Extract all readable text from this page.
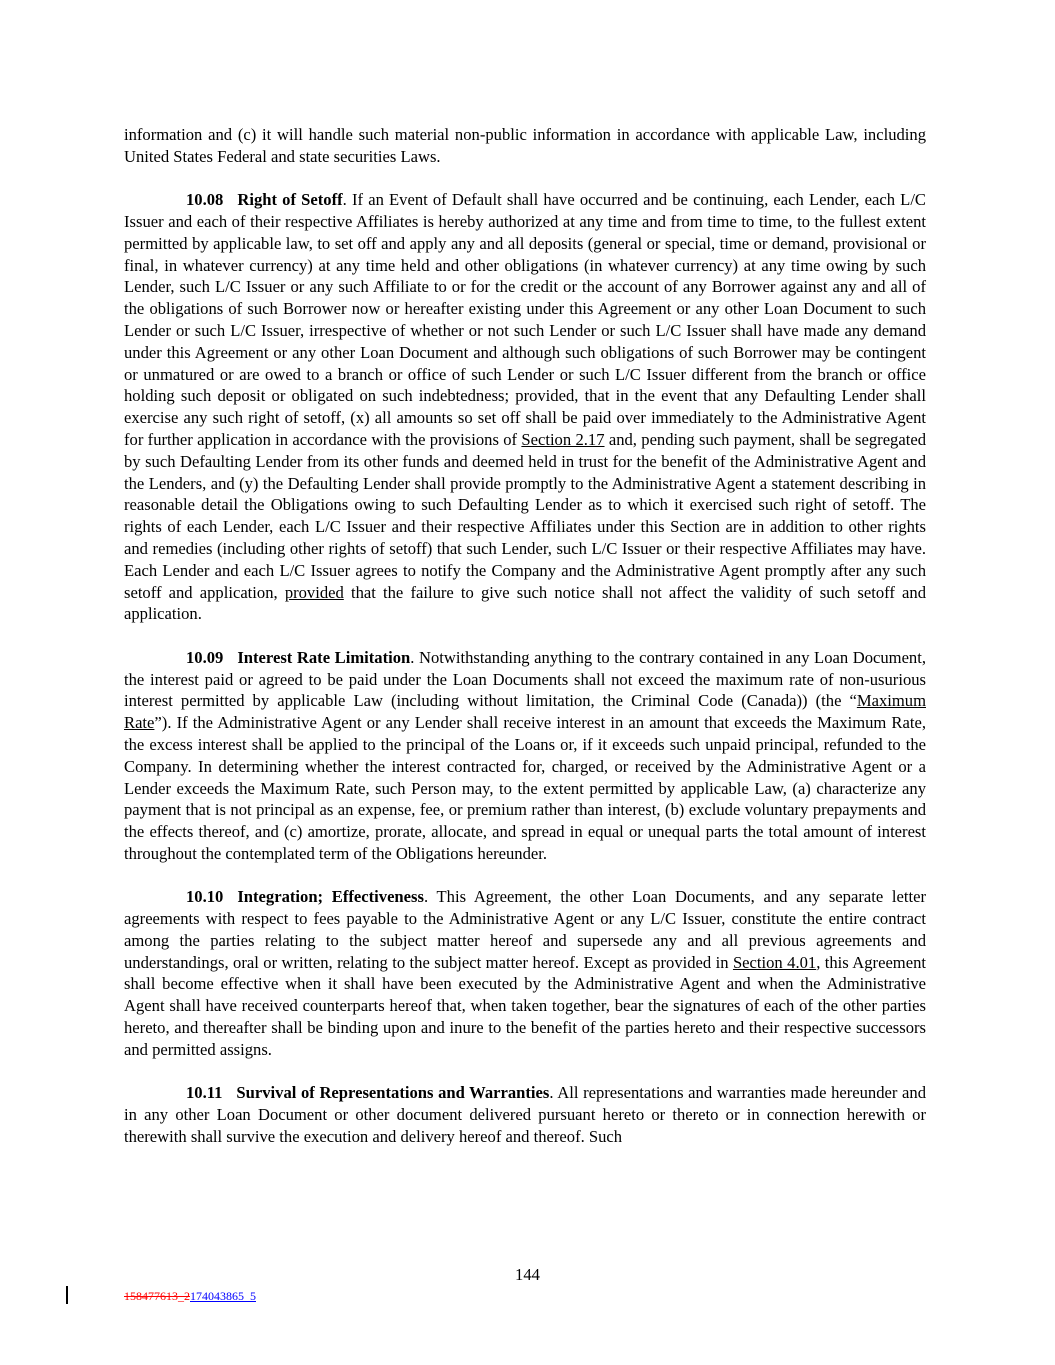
information and (c) it will handle such material non-public information in accordance with applicable Law, including United States Federal and state securities Laws.

10.08 Right of Setoff. If an Event of Default shall have occurred and be continuing, each Lender, each L/C Issuer and each of their respective Affiliates is hereby authorized at any time and from time to time, to the fullest extent permitted by applicable law, to set off and apply any and all deposits (general or special, time or demand, provisional or final, in whatever currency) at any time held and other obligations (in whatever currency) at any time owing by such Lender, such L/C Issuer or any such Affiliate to or for the credit or the account of any Borrower against any and all of the obligations of such Borrower now or hereafter existing under this Agreement or any other Loan Document to such Lender or such L/C Issuer, irrespective of whether or not such Lender or such L/C Issuer shall have made any demand under this Agreement or any other Loan Document and although such obligations of such Borrower may be contingent or unmatured or are owed to a branch or office of such Lender or such L/C Issuer different from the branch or office holding such deposit or obligated on such indebtedness; provided, that in the event that any Defaulting Lender shall exercise any such right of setoff, (x) all amounts so set off shall be paid over immediately to the Administrative Agent for further application in accordance with the provisions of Section 2.17 and, pending such payment, shall be segregated by such Defaulting Lender from its other funds and deemed held in trust for the benefit of the Administrative Agent and the Lenders, and (y) the Defaulting Lender shall provide promptly to the Administrative Agent a statement describing in reasonable detail the Obligations owing to such Defaulting Lender as to which it exercised such right of setoff. The rights of each Lender, each L/C Issuer and their respective Affiliates under this Section are in addition to other rights and remedies (including other rights of setoff) that such Lender, such L/C Issuer or their respective Affiliates may have. Each Lender and each L/C Issuer agrees to notify the Company and the Administrative Agent promptly after any such setoff and application, provided that the failure to give such notice shall not affect the validity of such setoff and application.

10.09 Interest Rate Limitation. Notwithstanding anything to the contrary contained in any Loan Document, the interest paid or agreed to be paid under the Loan Documents shall not exceed the maximum rate of non-usurious interest permitted by applicable Law (including without limitation, the Criminal Code (Canada)) (the “Maximum Rate”). If the Administrative Agent or any Lender shall receive interest in an amount that exceeds the Maximum Rate, the excess interest shall be applied to the principal of the Loans or, if it exceeds such unpaid principal, refunded to the Company. In determining whether the interest contracted for, charged, or received by the Administrative Agent or a Lender exceeds the Maximum Rate, such Person may, to the extent permitted by applicable Law, (a) characterize any payment that is not principal as an expense, fee, or premium rather than interest, (b) exclude voluntary prepayments and the effects thereof, and (c) amortize, prorate, allocate, and spread in equal or unequal parts the total amount of interest throughout the contemplated term of the Obligations hereunder.

10.10 Integration; Effectiveness. This Agreement, the other Loan Documents, and any separate letter agreements with respect to fees payable to the Administrative Agent or any L/C Issuer, constitute the entire contract among the parties relating to the subject matter hereof and supersede any and all previous agreements and understandings, oral or written, relating to the subject matter hereof. Except as provided in Section 4.01, this Agreement shall become effective when it shall have been executed by the Administrative Agent and when the Administrative Agent shall have received counterparts hereof that, when taken together, bear the signatures of each of the other parties hereto, and thereafter shall be binding upon and inure to the benefit of the parties hereto and their respective successors and permitted assigns.

10.11 Survival of Representations and Warranties. All representations and warranties made hereunder and in any other Loan Document or other document delivered pursuant hereto or thereto or in connection herewith or therewith shall survive the execution and delivery hereof and thereof. Such

144
158477613_2174043865_5
